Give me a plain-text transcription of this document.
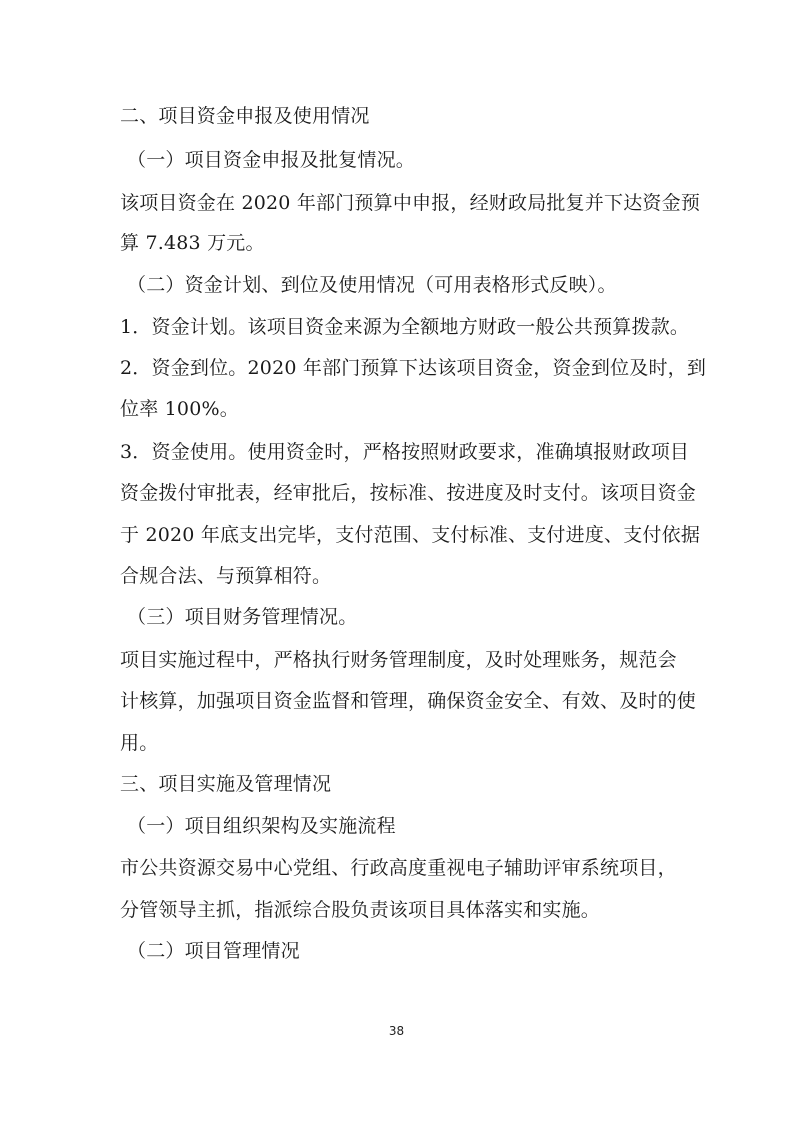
二、项目资金申报及使用情况
（一）项目资金申报及批复情况。
该项目资金在 2020 年部门预算中申报，经财政局批复并下达资金预
算 7.483 万元。
（二）资金计划、到位及使用情况（可用表格形式反映）。
1．资金计划。该项目资金来源为全额地方财政一般公共预算拨款。
2．资金到位。2020 年部门预算下达该项目资金，资金到位及时，到
位率 100%。
3．资金使用。使用资金时，严格按照财政要求，准确填报财政项目
资金拨付审批表，经审批后，按标准、按进度及时支付。该项目资金
于 2020 年底支出完毕，支付范围、支付标准、支付进度、支付依据
合规合法、与预算相符。
（三）项目财务管理情况。
项目实施过程中，严格执行财务管理制度，及时处理账务，规范会
计核算，加强项目资金监督和管理，确保资金安全、有效、及时的使
用。
三、项目实施及管理情况
（一）项目组织架构及实施流程
市公共资源交易中心党组、行政高度重视电子辅助评审系统项目，
分管领导主抓，指派综合股负责该项目具体落实和实施。
（二）项目管理情况
38
